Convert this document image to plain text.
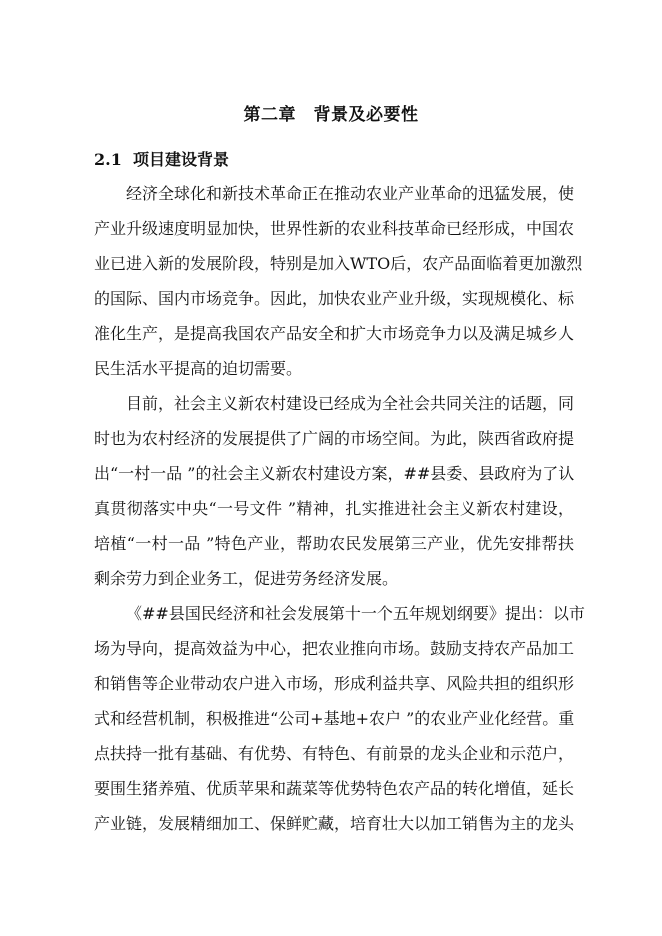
第二章　背景及必要性
2.1  项目建设背景
经济全球化和新技术革命正在推动农业产业革命的迅猛发展，使
产业升级速度明显加快，世界性新的农业科技革命已经形成，中国农
业已进入新的发展阶段，特别是加入WTO后，农产品面临着更加激烈
的国际、国内市场竞争。因此，加快农业产业升级，实现规模化、标
准化生产，是提高我国农产品安全和扩大市场竞争力以及满足城乡人
民生活水平提高的迫切需要。
目前，社会主义新农村建设已经成为全社会共同关注的话题，同
时也为农村经济的发展提供了广阔的市场空间。为此，陕西省政府提
出“一村一品 ”的社会主义新农村建设方案，##县委、县政府为了认
真贯彻落实中央“一号文件 ”精神，扎实推进社会主义新农村建设，
培植“一村一品 ”特色产业，帮助农民发展第三产业，优先安排帮扶
剩余劳力到企业务工，促进劳务经济发展。
《##县国民经济和社会发展第十一个五年规划纲要》提出：以市
场为导向，提高效益为中心，把农业推向市场。鼓励支持农产品加工
和销售等企业带动农户进入市场，形成利益共享、风险共担的组织形
式和经营机制，积极推进“公司+基地+农户 ”的农业产业化经营。重
点扶持一批有基础、有优势、有特色、有前景的龙头企业和示范户，
要围生猪养殖、优质苹果和蔬菜等优势特色农产品的转化增值，延长
产业链，发展精细加工、保鲜贮藏，培育壮大以加工销售为主的龙头
